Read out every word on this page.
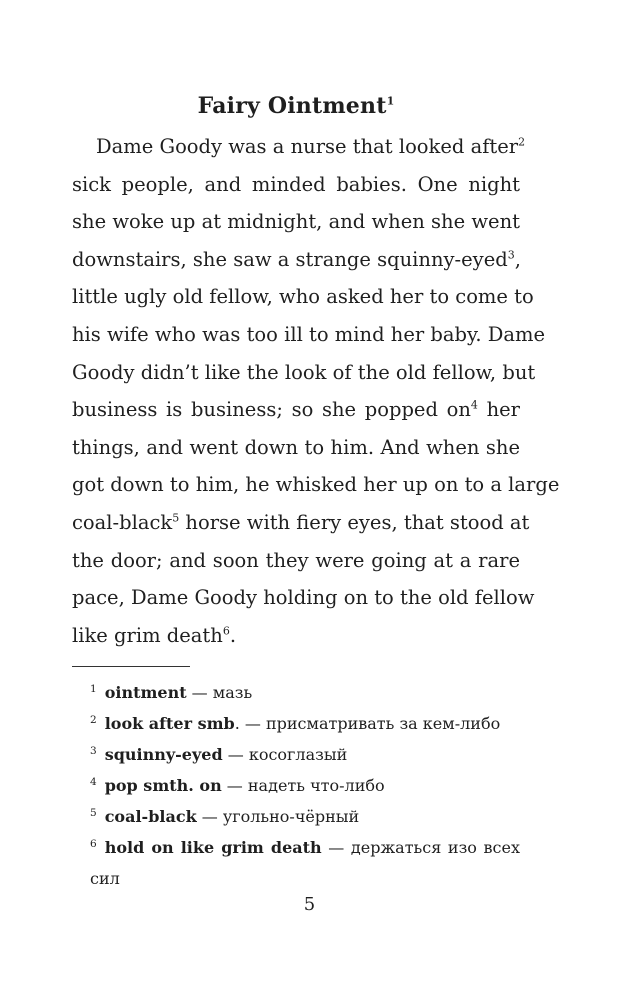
Fairy Ointment$^1$
Dame Goody was a nurse that looked after$^2$
sick people, and minded babies. One night
she woke up at midnight, and when she went
downstairs, she saw a strange squinny-eyed$^3$,
little ugly old fellow, who asked her to come to
his wife who was too ill to mind her baby. Dame
Goody didn’t like the look of the old fellow, but
business is business; so she popped $on^4$ her
things, and went down to him. And when she
got down to him, he whisked her up on to a large
coal-black$^5$ horse with fiery eyes, that stood at
the door; and soon they were going at a rare
pace, Dame Goody holding on to the old fellow
like grim death$^6$.
$^1$ ointment — мазь
$^2$ look after smb. — присматривать за кем-либо
$^3$ squinny-eyed — косоглазый
$^4$ pop smth. on — надеть что-либо
$^5$ coal-black — угольно-чёрный
$^6$ hold on like grim death — держаться изо всех сил
5
